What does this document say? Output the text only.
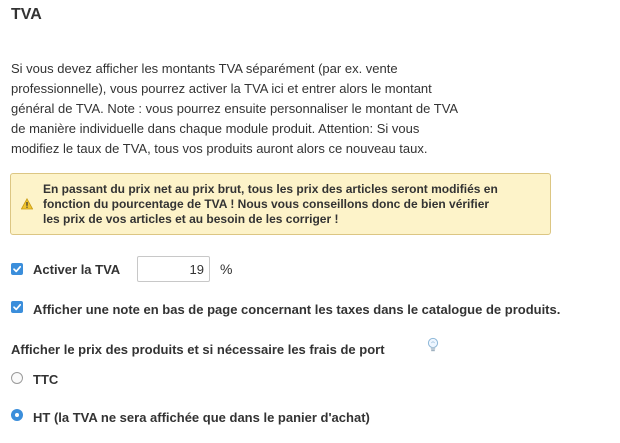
TVA
Si vous devez afficher les montants TVA séparément (par ex. vente
professionnelle), vous pourrez activer la TVA ici et entrer alors le montant
général de TVA. Note : vous pourrez ensuite personnaliser le montant de TVA
de manière individuelle dans chaque module produit. Attention: Si vous
modifiez le taux de TVA, tous vos produits auront alors ce nouveau taux.
En passant du prix net au prix brut, tous les prix des articles seront modifiés en
fonction du pourcentage de TVA ! Nous vous conseillons donc de bien vérifier
les prix de vos articles et au besoin de les corriger !
Activer la TVA
19	%
Afficher une note en bas de page concernant les taxes dans le catalogue de produits.
Afficher le prix des produits et si nécessaire les frais de port
TTC
HT (la TVA ne sera affichée que dans le panier d'achat)
